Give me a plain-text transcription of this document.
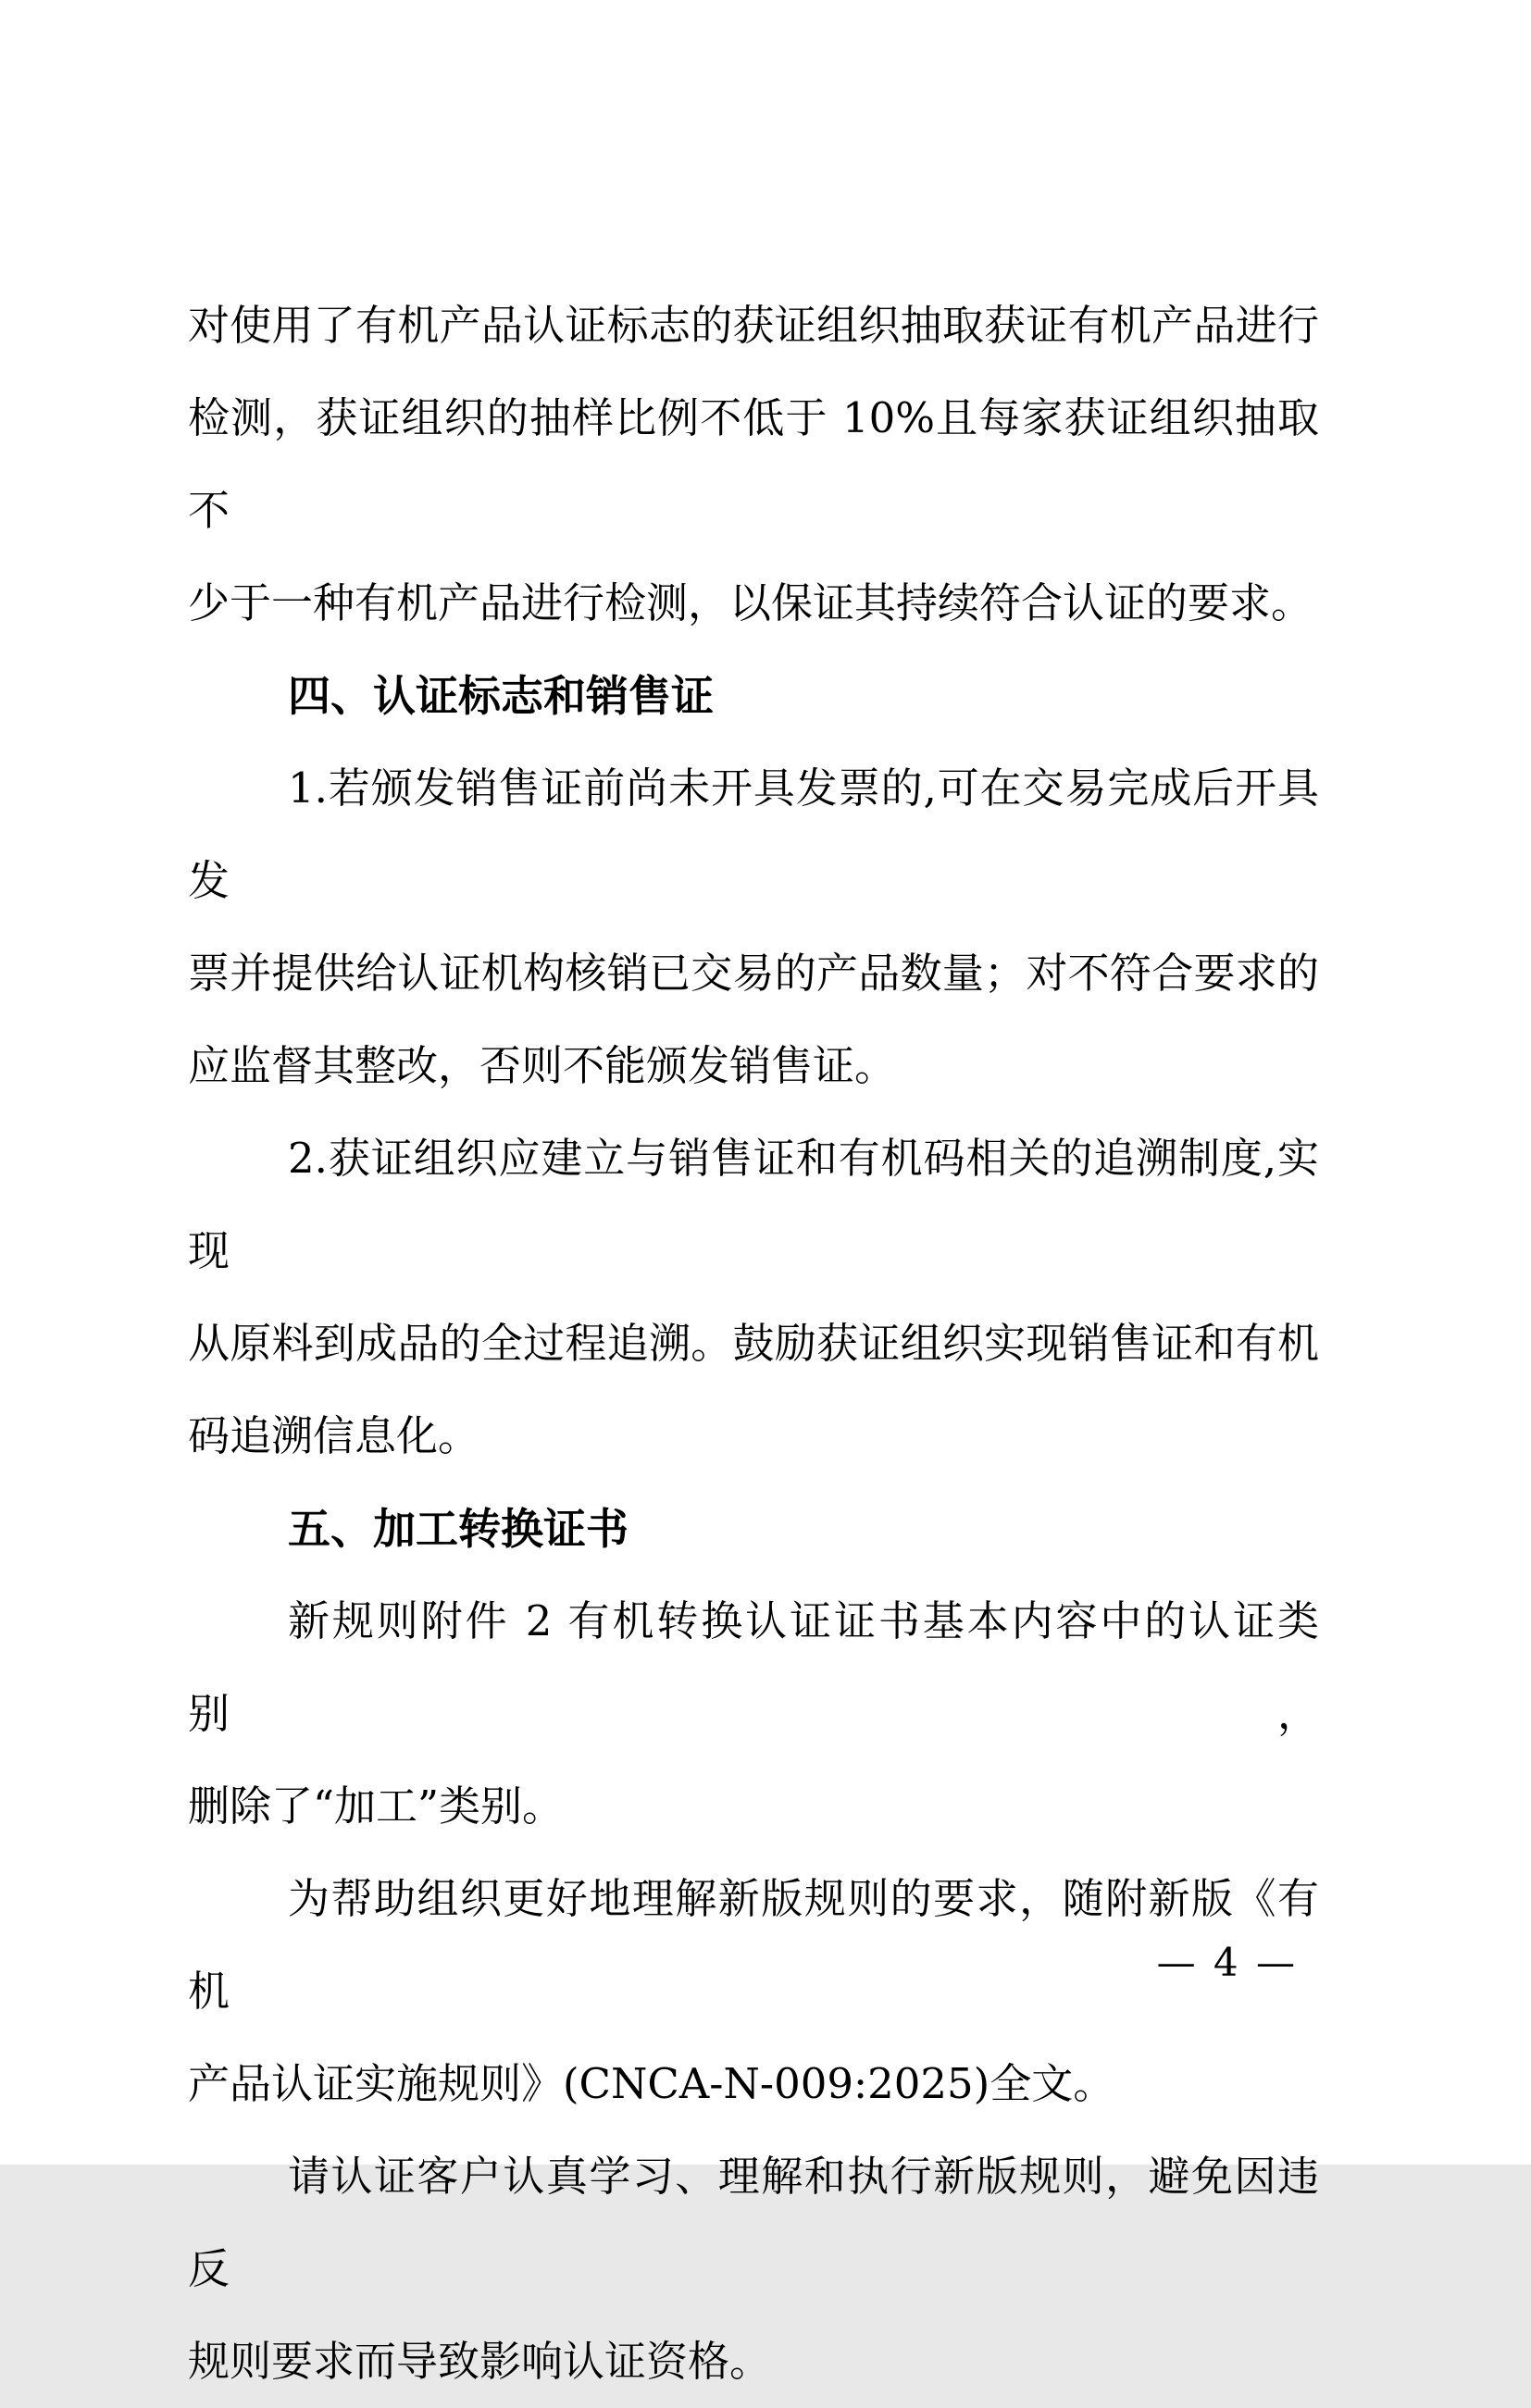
对使用了有机产品认证标志的获证组织抽取获证有机产品进行
检测，获证组织的抽样比例不低于 10%且每家获证组织抽取不
少于一种有机产品进行检测，以保证其持续符合认证的要求。
四、认证标志和销售证
1.若颁发销售证前尚未开具发票的,可在交易完成后开具发
票并提供给认证机构核销已交易的产品数量；对不符合要求的
应监督其整改，否则不能颁发销售证。
2.获证组织应建立与销售证和有机码相关的追溯制度,实现
从原料到成品的全过程追溯。鼓励获证组织实现销售证和有机
码追溯信息化。
五、加工转换证书
新规则附件 2 有机转换认证证书基本内容中的认证类别，
删除了“加工”类别。
为帮助组织更好地理解新版规则的要求，随附新版《有机
产品认证实施规则》(CNCA-N-009:2025)全文。
请认证客户认真学习、理解和执行新版规则，避免因违反
规则要求而导致影响认证资格。
— 4 —
